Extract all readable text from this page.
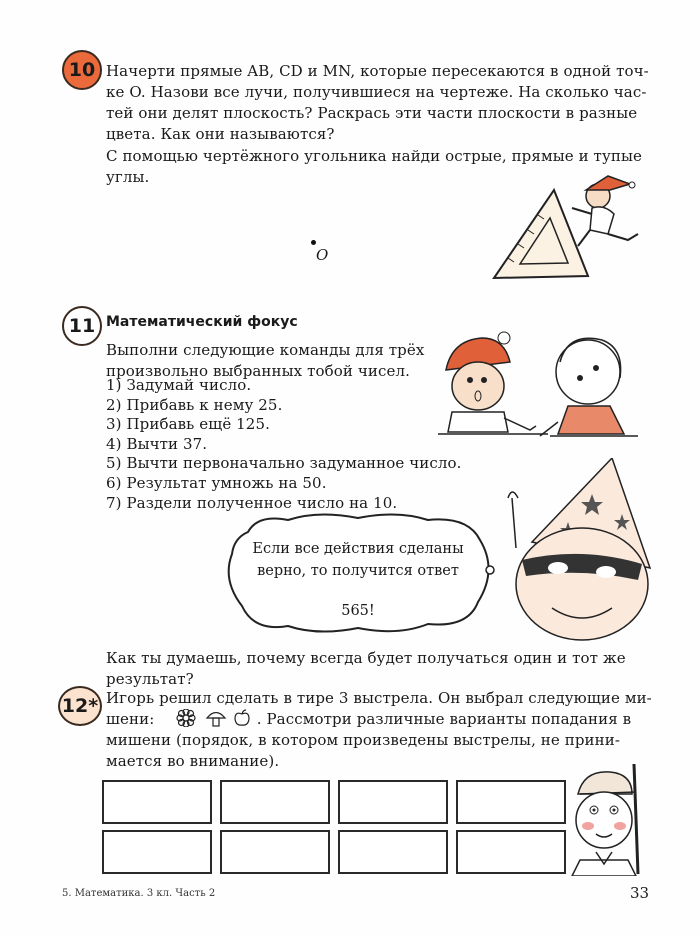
10 Начерти прямые AB, CD и MN, которые пересекаются в одной точ-
ке O. Назови все лучи, получившиеся на чертеже. На сколько час-
тей они делят плоскость? Раскрась эти части плоскости в разные
цвета. Как они называются?
С помощью чертёжного угольника найди острые, прямые и тупые
углы.
O
11 Математический фокус
Выполни следующие команды для трёх
произвольно выбранных тобой чисел.
1) Задумай число.
2) Прибавь к нему 25.
3) Прибавь ещё 125.
4) Вычти 37.
5) Вычти первоначально задуманное число.
6) Результат умножь на 50.
7) Раздели полученное число на 10.
Если все действия сделаны
верно, то получится ответ
565!
Как ты думаешь, почему всегда будет получаться один и тот же
результат?
12* Игорь решил сделать в тире 3 выстрела. Он выбрал следующие ми-
шени:	. Рассмотри различные варианты попадания в
мишени (порядок, в котором произведены выстрелы, не прини-
мается во внимание).
5. Математика. 3 кл. Часть 2	33
